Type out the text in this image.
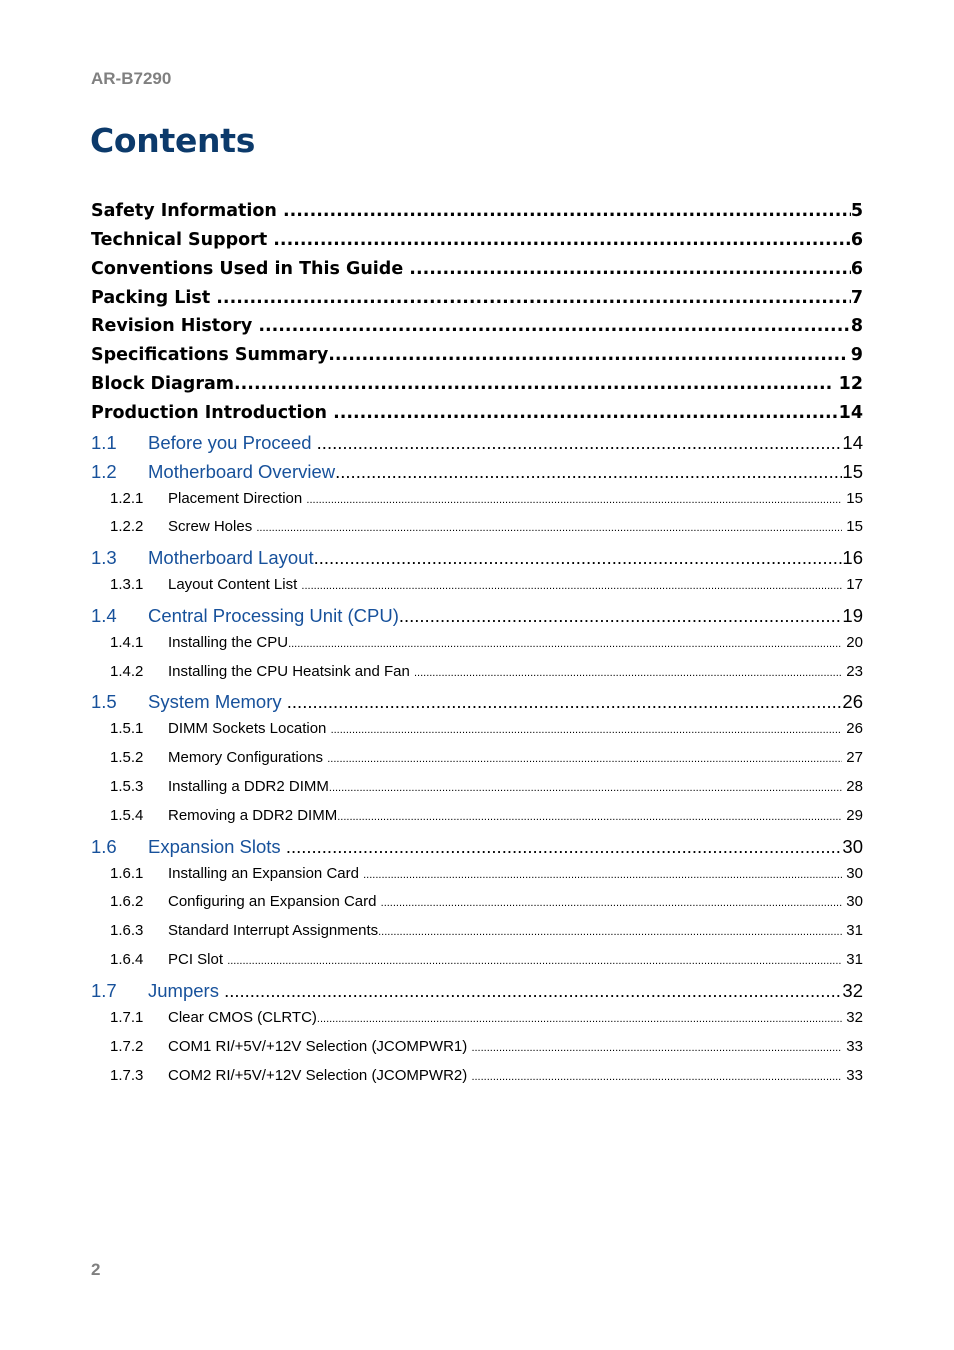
AR-B7290
Contents
Safety Information .....	5
Technical Support .....	6
Conventions Used in This Guide .....	6
Packing List .....	7
Revision History .....	8
Specifications Summary .....	9
Block Diagram .....	12
Production Introduction .....	14
1.1	Before you Proceed .....	14
1.2	Motherboard Overview .....	15
1.2.1	Placement Direction .....	15
1.2.2	Screw Holes .....	15
1.3	Motherboard Layout .....	16
1.3.1	Layout Content List .....	17
1.4	Central Processing Unit (CPU) .....	19
1.4.1	Installing the CPU .....	20
1.4.2	Installing the CPU Heatsink and Fan .....	23
1.5	System Memory .....	26
1.5.1	DIMM Sockets Location .....	26
1.5.2	Memory Configurations .....	27
1.5.3	Installing a DDR2 DIMM .....	28
1.5.4	Removing a DDR2 DIMM .....	29
1.6	Expansion Slots .....	30
1.6.1	Installing an Expansion Card .....	30
1.6.2	Configuring an Expansion Card .....	30
1.6.3	Standard Interrupt Assignments .....	31
1.6.4	PCI Slot .....	31
1.7	Jumpers .....	32
1.7.1	Clear CMOS (CLRTC) .....	32
1.7.2	COM1 RI/+5V/+12V Selection (JCOMPWR1) .....	33
1.7.3	COM2 RI/+5V/+12V Selection (JCOMPWR2) .....	33
2
